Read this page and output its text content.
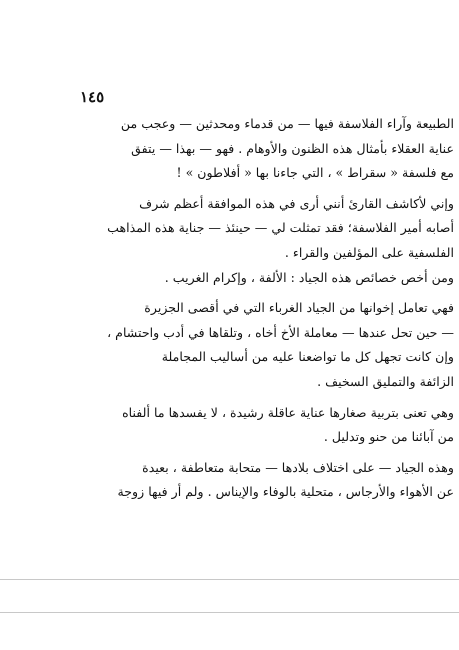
١٤٥
الطبيعة وآراء الفلاسفة فيها — من قدماء ومحدثين — وعجب من
عناية العقلاء بأمثال هذه الظنون والأوهام . فهو — بهذا — يتفق
مع فلسفة « سقراط » ، التي جاءنا بها « أفلاطون » !
وإني لأكاشف القارئ أنني أرى في هذه الموافقة أعظم شرف
أصابه أمير الفلاسفة؛ فقد تمثلت لي — حينئذ — جناية هذه المذاهب
الفلسفية على المؤلفين والقراء .
ومن أخص خصائص هذه الجياد : الألفة ، وإكرام الغريب .
فهي تعامل إخوانها من الجياد الغرباء التي في أقصى الجزيرة
— حين تحل عندها — معاملة الأخ أخاه ، وتلقاها في أدب واحتشام ،
وإن كانت تجهل كل ما تواضعنا عليه من أساليب المجاملة
الزائفة والتمليق السخيف .
وهي تعنى بتربية صغارها عناية عاقلة رشيدة ، لا يفسدها ما ألفناه
من آبائنا من حنو وتدليل .
وهذه الجياد — على اختلاف بلادها — متحابة متعاطفة ، بعيدة
عن الأهواء والأرجاس ، متحلية بالوفاء والإيناس . ولم أر فيها زوجة
